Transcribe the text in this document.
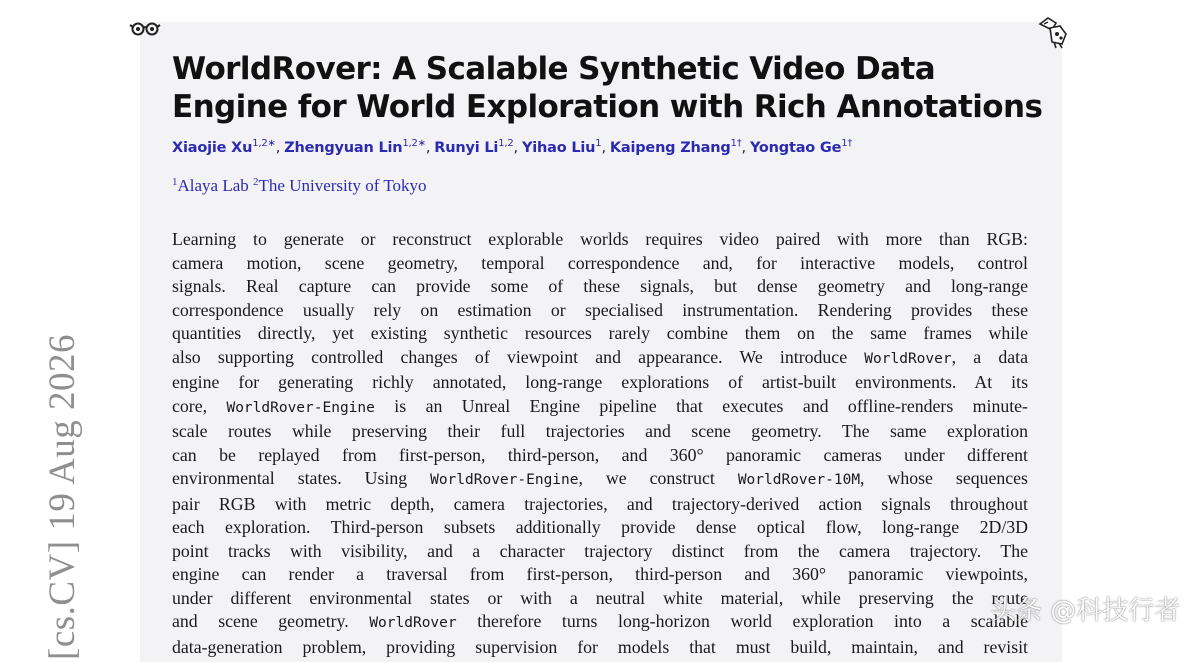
[cs.CV] 19 Aug 2026
WorldRover: A Scalable Synthetic Video Data
Engine for World Exploration with Rich Annotations
Xiaojie $Xu^{1,2∗}$, Zhengyuan Lin$^{1,2∗}$, Runyi Li$^{1,2}$, Yihao Liu$^1$, Kaipeng Zhang$^{1\dagger}$, Yongtao $Ge^{1\dagger}$
$^1$Alaya Lab $^2$The University of Tokyo
Learning to generate or reconstruct explorable worlds requires video paired with more than RGB:
camera motion, scene geometry, temporal correspondence and, for interactive models, control
signals. Real capture can provide some of these signals, but dense geometry and long-range
correspondence usually rely on estimation or specialised instrumentation. Rendering provides these
quantities directly, yet existing synthetic resources rarely combine them on the same frames while
also supporting controlled changes of viewpoint and appearance. We introduce WorldRover, a data
engine for generating richly annotated, long-range explorations of artist-built environments. At its
core, WorldRover-Engine is an Unreal Engine pipeline that executes and offline-renders minute-
scale routes while preserving their full trajectories and scene geometry. The same exploration
can be replayed from first-person, third-person, and 360° panoramic cameras under different
environmental states. Using WorldRover-Engine, we construct WorldRover-10M, whose sequences
pair RGB with metric depth, camera trajectories, and trajectory-derived action signals throughout
each exploration. Third-person subsets additionally provide dense optical flow, long-range 2D/3D
point tracks with visibility, and a character trajectory distinct from the camera trajectory. The
engine can render a traversal from first-person, third-person and 360° panoramic viewpoints,
under different environmental states or with a neutral white material, while preserving the route
and scene geometry. WorldRover therefore turns long-horizon world exploration into a scalable
data-generation problem, providing supervision for models that must build, maintain, and revisit
头条 @科技行者
